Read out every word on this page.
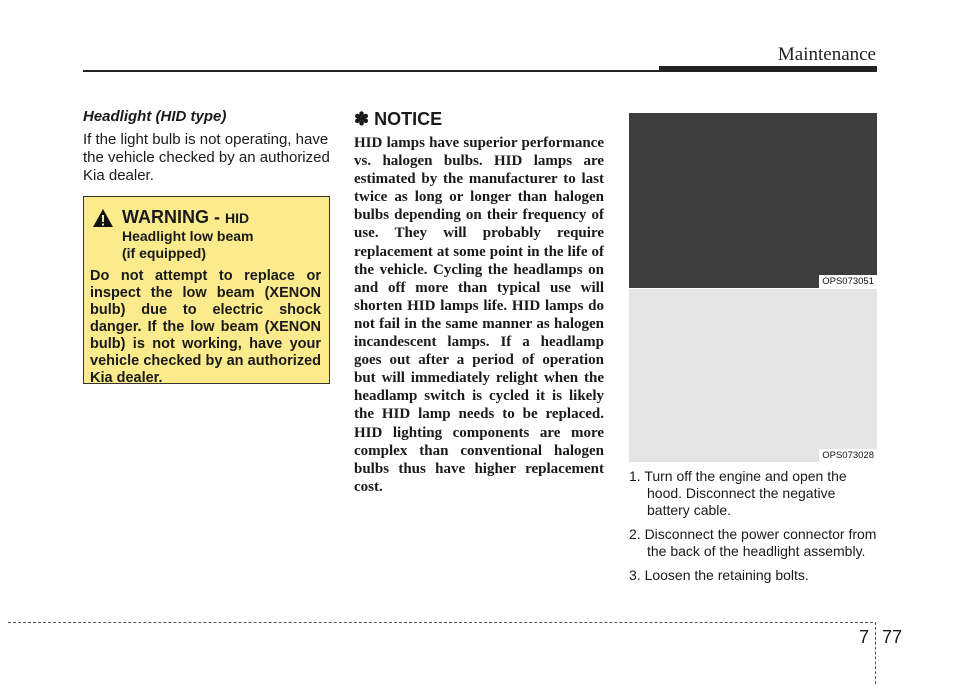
Maintenance

Headlight (HID type)

If the light bulb is not operating, have the vehicle checked by an authorized Kia dealer.

WARNING - HID
Headlight low beam
(if equipped)

Do not attempt to replace or inspect the low beam (XENON bulb) due to electric shock danger. If the low beam (XENON bulb) is not working, have your vehicle checked by an authorized Kia dealer.

✽ NOTICE

HID lamps have superior performance vs. halogen bulbs. HID lamps are estimated by the manufacturer to last twice as long or longer than halogen bulbs depending on their frequency of use. They will probably require replacement at some point in the life of the vehicle. Cycling the headlamps on and off more than typical use will shorten HID lamps life. HID lamps do not fail in the same manner as halogen incandescent lamps. If a headlamp goes out after a period of operation but will immediately relight when the headlamp switch is cycled it is likely the HID lamp needs to be replaced. HID lighting components are more complex than conventional halogen bulbs thus have higher replacement cost.

OPS073051
OPS073028
1. Turn off the engine and open the hood. Disconnect the negative battery cable.
2. Disconnect the power connector from the back of the headlight assembly.
3. Loosen the retaining bolts.
7 77
